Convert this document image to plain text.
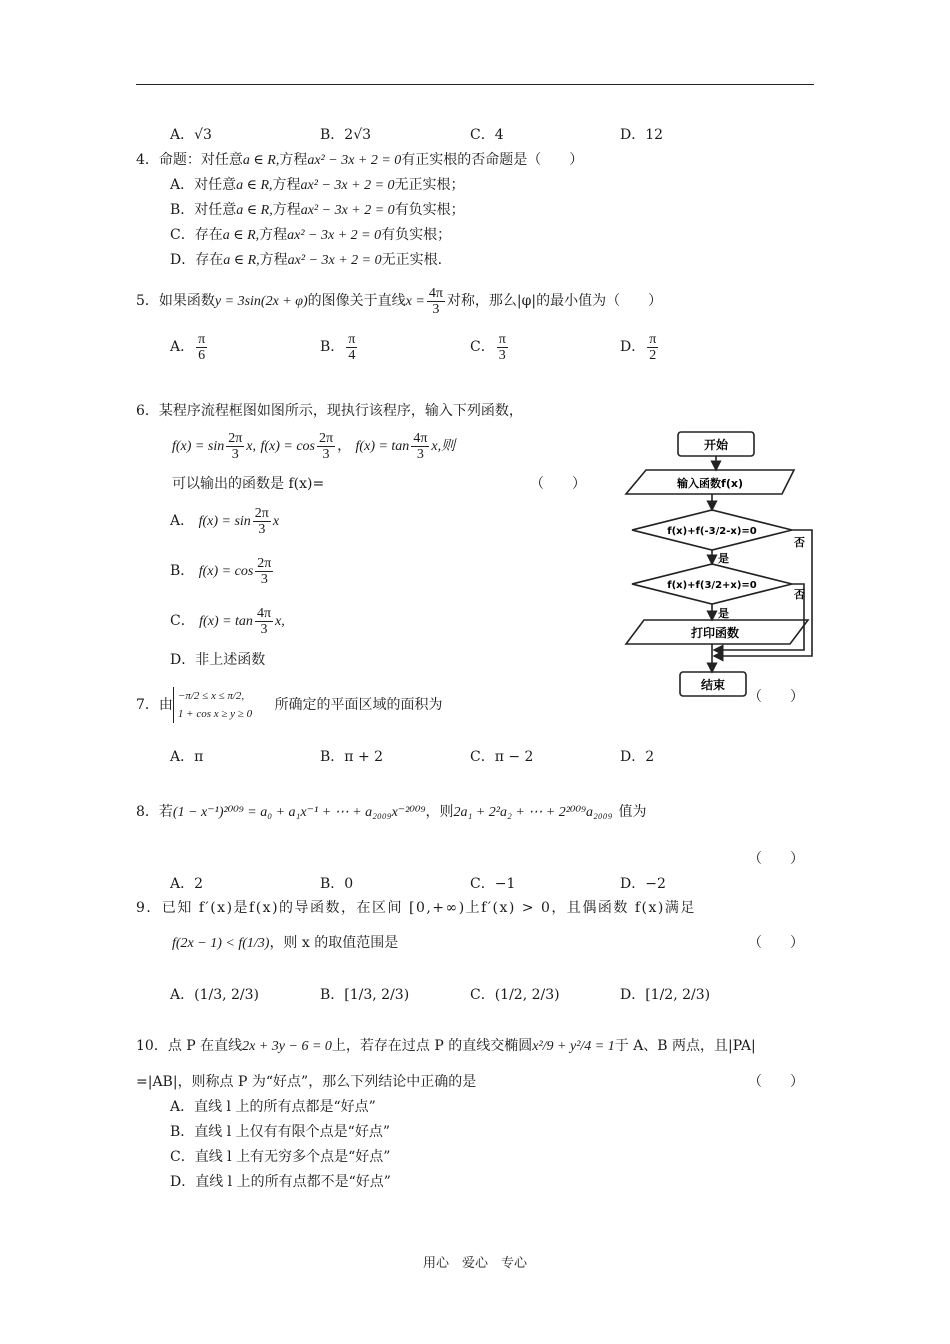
A．√3	B．2√3	C．4	D．12
4．命题：对任意a ∈ R,方程ax² − 3x + 2 = 0有正实根的否命题是（　　）
A．对任意a ∈ R,方程ax² − 3x + 2 = 0无正实根；
B．对任意a ∈ R,方程ax² − 3x + 2 = 0有负实根；
C．存在a ∈ R,方程ax² − 3x + 2 = 0有负实根；
D．存在a ∈ R,方程ax² − 3x + 2 = 0无正实根.
5．如果函数y = 3sin(2x + φ)的图像关于直线$x = \frac{4\pi}{3}$ 对称，那么|φ|的最小值为（　　）
A． $\frac{\pi}{6}$	B． $\frac{\pi}{4}$	C． $\frac{\pi}{3}$	D． $\frac{\pi}{2}$
6．某程序流程框图如图所示，现执行该程序，输入下列函数，
$f(x) = \sin \frac{2\pi}{3} x$, $f(x) = \cos \frac{2\pi}{3}$ ， $f(x) = \tan \frac{4\pi}{3} x$,则
可以输出的函数是 f(x)=	（　　）
A． $f(x) = \sin \frac{2\pi}{3}$ x
B． $f(x) = \cos \frac{2\pi}{3}$
C． $f(x) = \tan \frac{4\pi}{3} x$,
D．非上述函数
开始
输入函数f(x)
f(x)+f(-3/2-x)=0
f(x)+f(3/2+x)=0
是
是
否
否
打印函数
结束
7．由−π/2 ≤ x ≤ π/2,
1 + cos x ≥ y ≥ 0 所确定的平面区域的面积为	（　　）
A．π	B．π + 2	C．π − 2	D．2
8．若(1 − x⁻¹)²⁰⁰⁹ = a₀ + a₁x⁻¹ + ⋯ + a₂₀₀₉x⁻²⁰⁰⁹，则2a₁ + 2²a₂ + ⋯ + 2²⁰⁰⁹a₂₀₀₉ 值为
（　　）
A．2	B．0	C．−1	D．−2
9．已知 f′(x)是f(x)的导函数，在区间 [0,+∞)上f′(x) > 0，且偶函数 f(x)满足
f(2x − 1) < f(1/3)，则 x 的取值范围是	（　　）
A．(1/3, 2/3)	B．[1/3, 2/3)	C．(1/2, 2/3)	D．[1/2, 2/3)
10．点 P 在直线2x + 3y − 6 = 0上，若存在过点 P 的直线交椭圆x²/9 + y²/4 = 1于 A、B 两点，且|PA|
=|AB|，则称点 P 为“好点”，那么下列结论中正确的是	（　　）
A．直线 l 上的所有点都是“好点”
B．直线 l 上仅有有限个点是“好点”
C．直线 l 上有无穷多个点是“好点”
D．直线 l 上的所有点都不是“好点”
用心　爱心　专心
